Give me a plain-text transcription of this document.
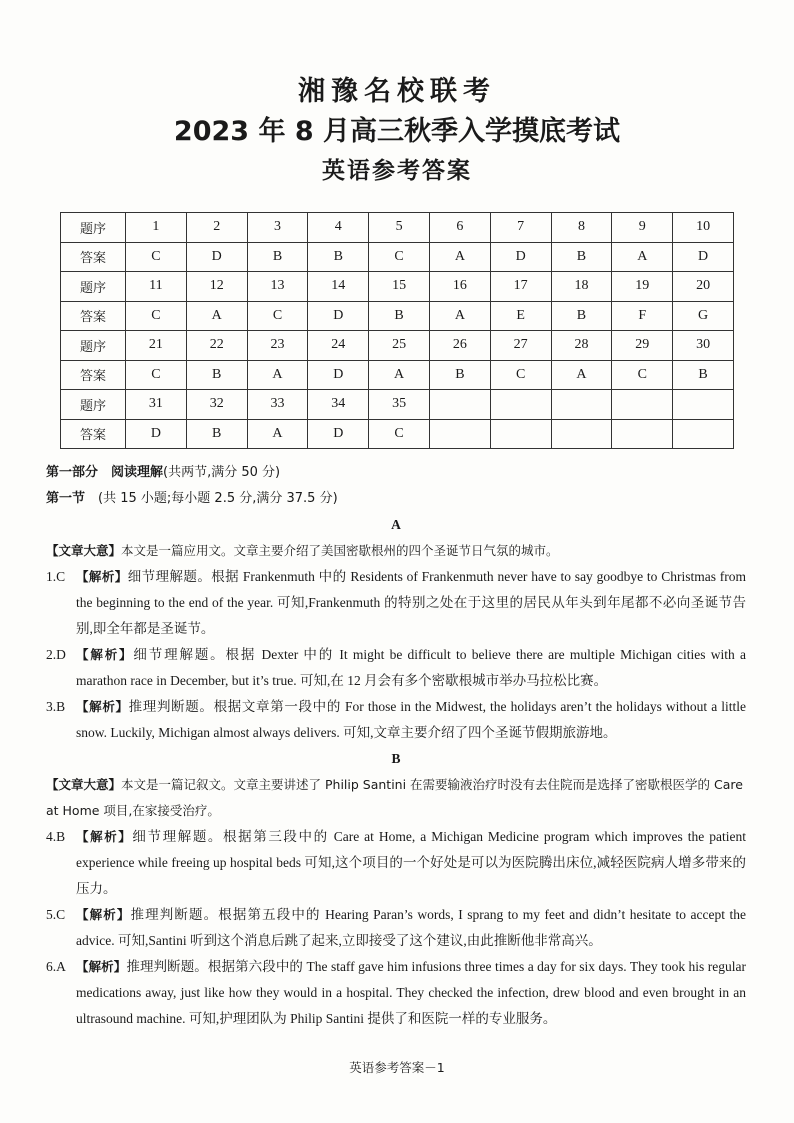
湘豫名校联考
2023 年 8 月高三秋季入学摸底考试
英语参考答案
题序	1	2	3	4	5	6	7	8	9	10
答案	C	D	B	B	C	A	D	B	A	D
题序	11	12	13	14	15	16	17	18	19	20
答案	C	A	C	D	B	A	E	B	F	G
题序	21	22	23	24	25	26	27	28	29	30
答案	C	B	A	D	A	B	C	A	C	B
题序	31	32	33	34	35					
答案	D	B	A	D	C					
第一部分　阅读理解(共两节,满分 50 分)
第一节　 (共 15 小题;每小题 2.5 分,满分 37.5 分)
A
【文章大意】本文是一篇应用文。文章主要介绍了美国密歇根州的四个圣诞节日气氛的城市。
1.C 【解析】细节理解题。根据 Frankenmuth 中的 Residents of Frankenmuth never have to say goodbye to Christmas from the beginning to the end of the year. 可知,Frankenmuth 的特别之处在于这里的居民从年头到年尾都不必向圣诞节告别,即全年都是圣诞节。
2.D 【解析】细节理解题。根据 Dexter 中的 It might be difficult to believe there are multiple Michigan cities with a marathon race in December, but it’s true. 可知,在 12 月会有多个密歇根城市举办马拉松比赛。
3.B 【解析】推理判断题。根据文章第一段中的 For those in the Midwest, the holidays aren’t the holidays without a little snow. Luckily, Michigan almost always delivers. 可知,文章主要介绍了四个圣诞节假期旅游地。
B
【文章大意】本文是一篇记叙文。文章主要讲述了 Philip Santini 在需要输液治疗时没有去住院而是选择了密歇根医学的 Care at Home 项目,在家接受治疗。
4.B 【解析】细节理解题。根据第三段中的 Care at Home, a Michigan Medicine program which improves the patient experience while freeing up hospital beds 可知,这个项目的一个好处是可以为医院腾出床位,减轻医院病人增多带来的压力。
5.C 【解析】推理判断题。根据第五段中的 Hearing Paran’s words, I sprang to my feet and didn’t hesitate to accept the advice. 可知,Santini 听到这个消息后跳了起来,立即接受了这个建议,由此推断他非常高兴。
6.A 【解析】推理判断题。根据第六段中的 The staff gave him infusions three times a day for six days. They took his regular medications away, just like how they would in a hospital. They checked the infection, drew blood and even brought in an ultrasound machine. 可知,护理团队为 Philip Santini 提供了和医院一样的专业服务。
英语参考答案－1
